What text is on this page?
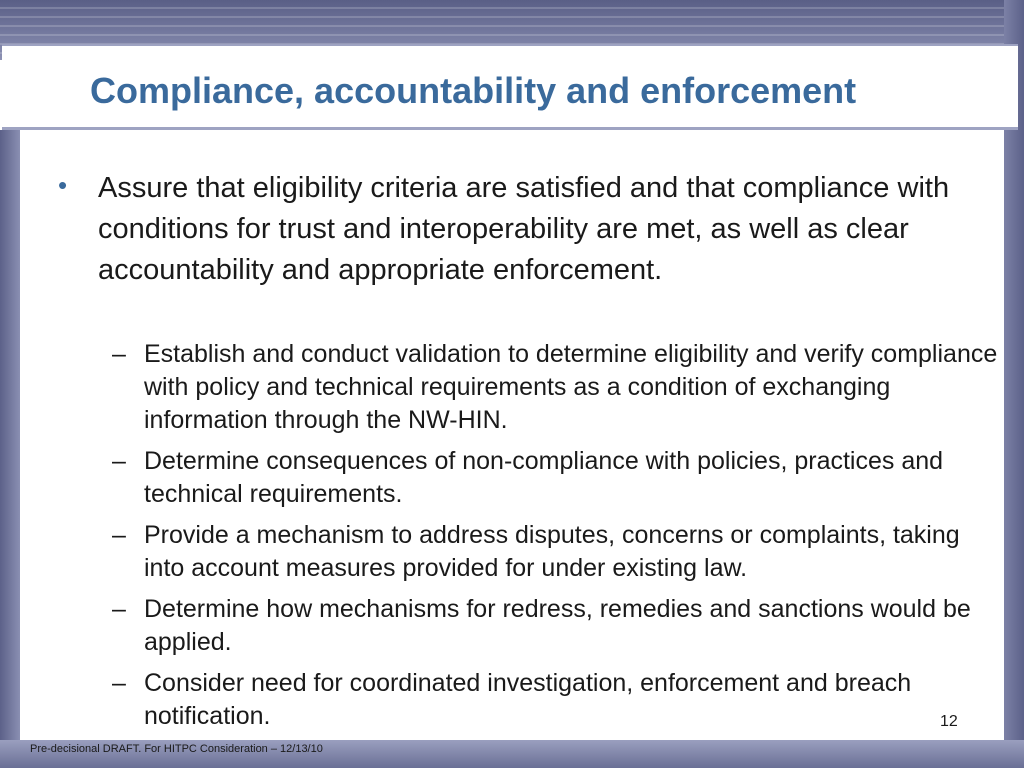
Compliance, accountability and enforcement
• Assure that eligibility criteria are satisfied and that compliance with conditions for trust and interoperability are met, as well as clear accountability and appropriate enforcement.
– Establish and conduct validation to determine eligibility and verify compliance with policy and technical requirements as a condition of exchanging information through the NW-HIN.
– Determine consequences of non-compliance with policies, practices and technical requirements.
– Provide a mechanism to address disputes, concerns or complaints, taking into account measures provided for under existing law.
– Determine how mechanisms for redress, remedies and sanctions would be applied.
– Consider need for coordinated investigation, enforcement and breach notification.	12
Pre-decisional DRAFT. For HITPC Consideration – 12/13/10
